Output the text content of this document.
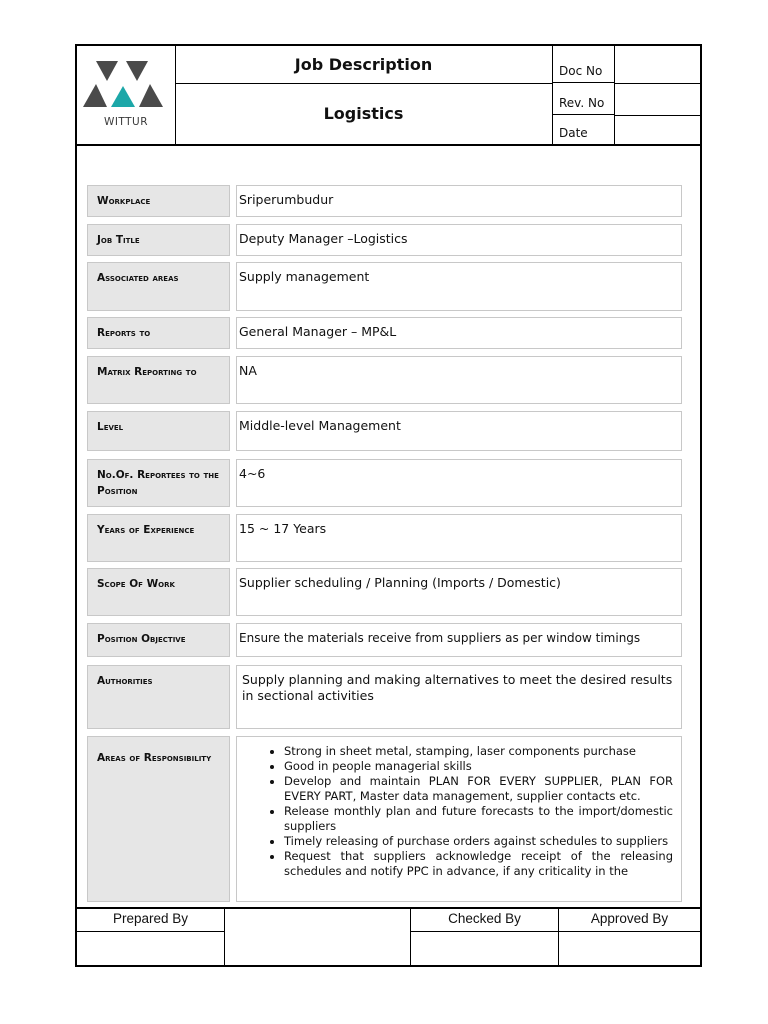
WITTUR
Job Description
Logistics
Doc No
Rev. No
Date
Workplace	Sriperumbudur
Job Title	Deputy Manager –Logistics
Associated areas	Supply management
Reports to	General Manager – MP&L
Matrix Reporting to	NA
Level	Middle-level Management
No.Of. Reportees to the Position
4~6
Years of Experience	15 ~ 17 Years
Scope Of Work	Supplier scheduling / Planning (Imports / Domestic)
Position Objective	Ensure the materials receive from suppliers as per window timings
Authorities	Supply planning and making alternatives to meet the desired results in sectional activities
Areas of Responsibility
•	Strong in sheet metal, stamping, laser components purchase
• Good in people managerial skills
• Develop and maintain PLAN FOR EVERY SUPPLIER, PLAN FOR EVERY PART, Master data management, supplier contacts etc.
• Release monthly plan and future forecasts to the import/domestic suppliers
• Timely releasing of purchase orders against schedules to suppliers
• Request that suppliers acknowledge receipt of the releasing schedules and notify PPC in advance, if any criticality in the
Prepared By	Checked By	Approved By
